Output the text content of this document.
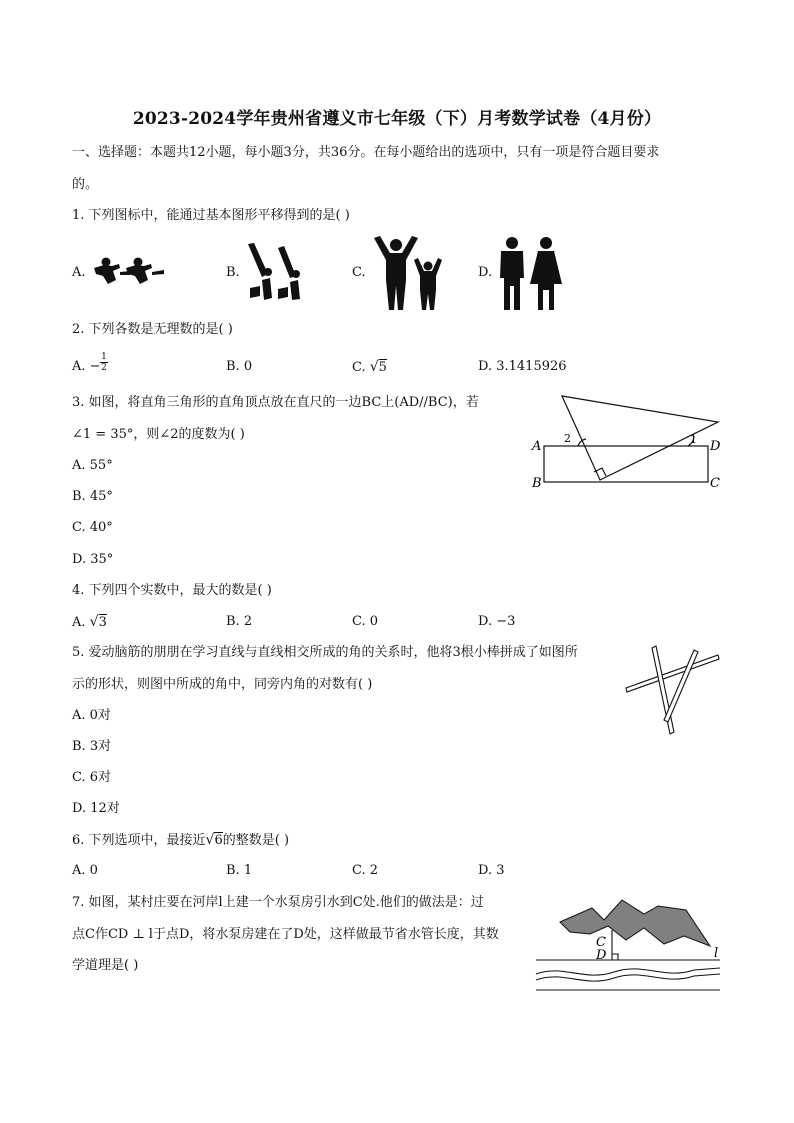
2023-2024学年贵州省遵义市七年级（下）月考数学试卷（4月份）
一、选择题：本题共12小题，每小题3分，共36分。在每小题给出的选项中，只有一项是符合题目要求
的。
1. 下列图标中，能通过基本图形平移得到的是( )
A.	B.	C.	D.
2. 下列各数是无理数的是( )
A. − $\frac{1}{2}$	B. 0	C. √5	D. 3.1415926
3. 如图，将直角三角形的直角顶点放在直尺的一边BC上(AD//BC)，若
∠1 = 35°，则∠2的度数为( )
A. 55°
B. 45°
C. 40°
D. 35°
A
B	C
D
1
2
4. 下列四个实数中，最大的数是( )
A. √3	B. 2	C. 0	D. −3
5. 爱动脑筋的朋朋在学习直线与直线相交所成的角的关系时，他将3根小棒拼成了如图所
示的形状，则图中所成的角中，同旁内角的对数有( )
A. 0对
B. 3对
C. 6对
D. 12对
6. 下列选项中，最接近√6的整数是( )
A. 0	B. 1	C. 2	D. 3
7. 如图，某村庄要在河岸l上建一个水泵房引水到C处.他们的做法是：过
点C作CD ⊥ l于点D，将水泵房建在了D处，这样做最节省水管长度，其数
学道理是( )
C
D	l
